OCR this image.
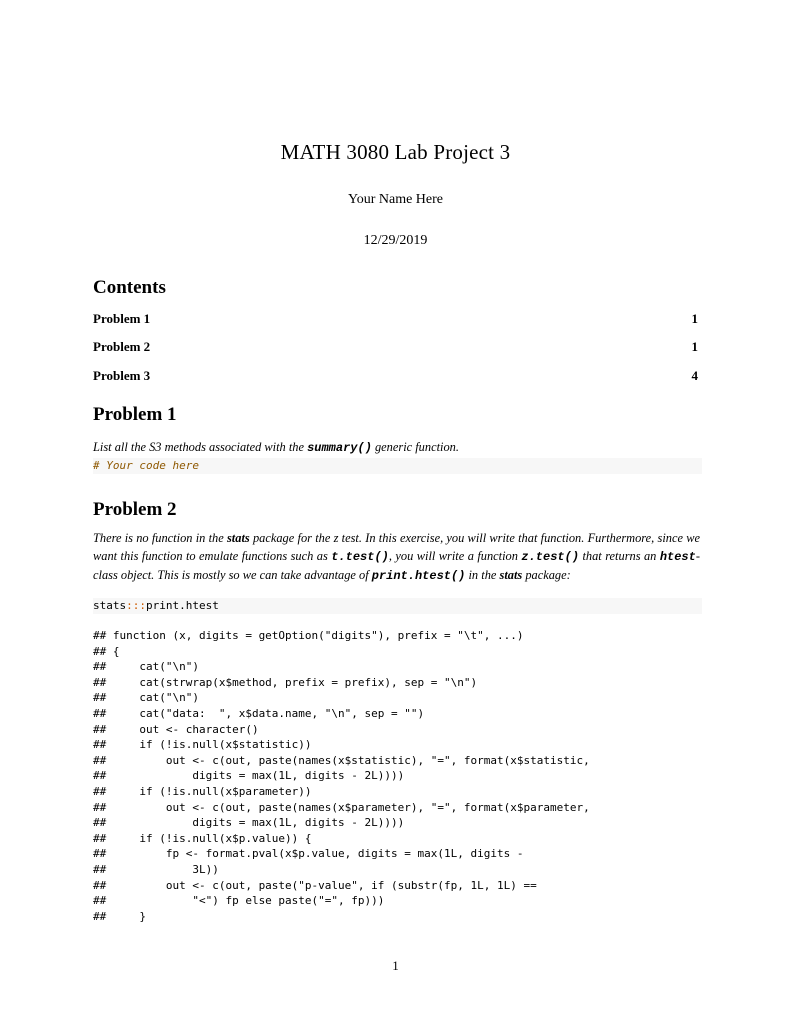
MATH 3080 Lab Project 3
Your Name Here
12/29/2019
Contents
Problem 1	1
Problem 2	1
Problem 3	4
Problem 1
List all the S3 methods associated with the summary() generic function.
# Your code here
Problem 2
There is no function in the stats package for the z test. In this exercise, you will write that function. Furthermore, since we want this function to emulate functions such as t.test(), you will write a function z.test() that returns an htest-class object. This is mostly so we can take advantage of print.htest() in the stats package:
stats:::print.htest
## function (x, digits = getOption("digits"), prefix = "\t", ...)
## {
##     cat("\n")
##     cat(strwrap(x$method, prefix = prefix), sep = "\n")
##     cat("\n")
##     cat("data:  ", x$data.name, "\n", sep = "")
##     out <- character()
##     if (!is.null(x$statistic))
##         out <- c(out, paste(names(x$statistic), "=", format(x$statistic,
##             digits = max(1L, digits - 2L))))
##     if (!is.null(x$parameter))
##         out <- c(out, paste(names(x$parameter), "=", format(x$parameter,
##             digits = max(1L, digits - 2L))))
##     if (!is.null(x$p.value)) {
##         fp <- format.pval(x$p.value, digits = max(1L, digits -
##             3L))
##         out <- c(out, paste("p-value", if (substr(fp, 1L, 1L) ==
##             "<") fp else paste("=", fp)))
##     }
1
